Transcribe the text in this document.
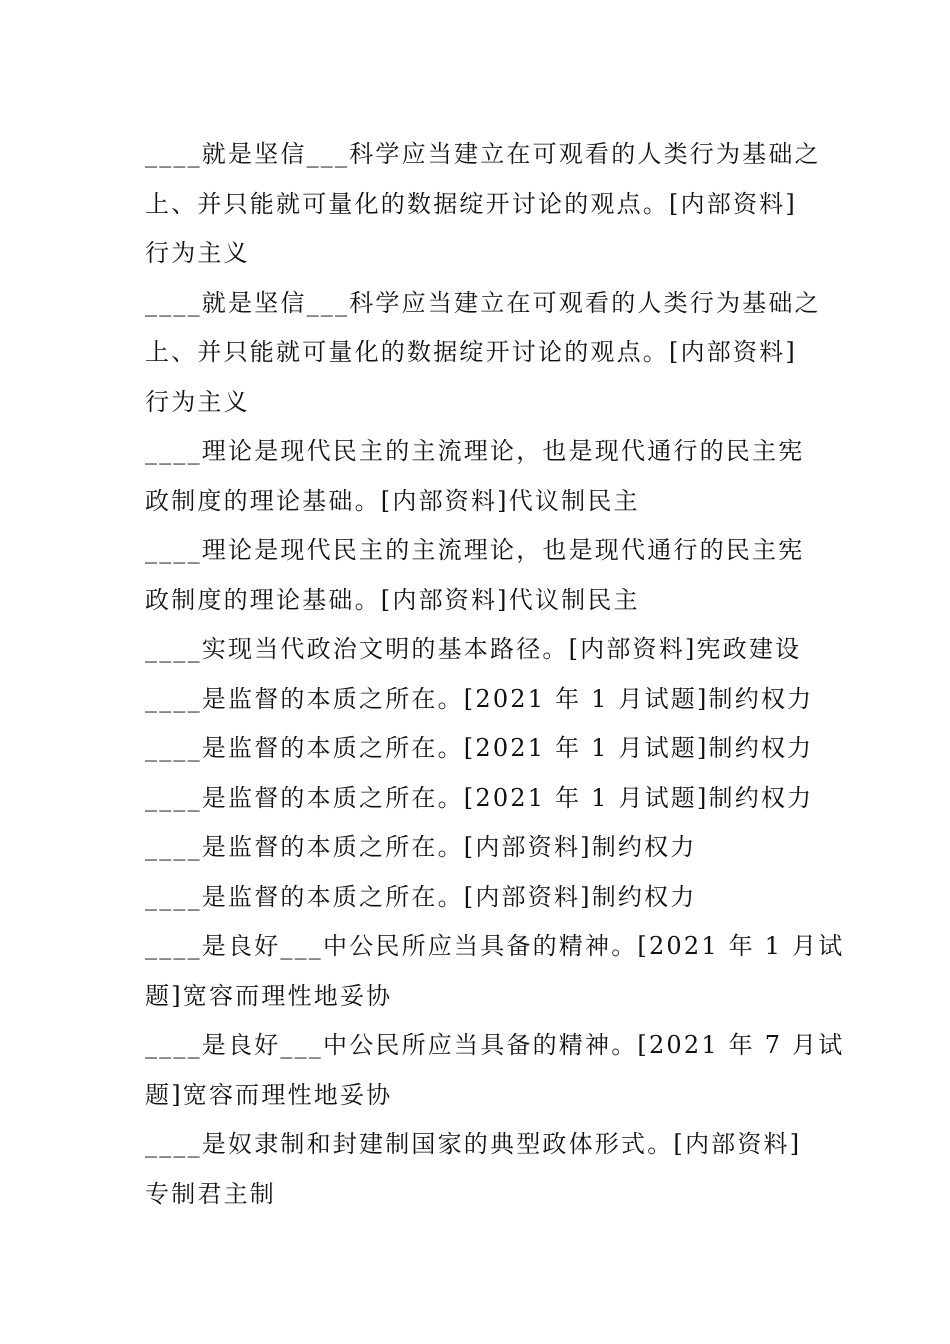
____就是坚信___科学应当建立在可观看的人类行为基础之
上、并只能就可量化的数据绽开讨论的观点。[内部资料]
行为主义

____就是坚信___科学应当建立在可观看的人类行为基础之
上、并只能就可量化的数据绽开讨论的观点。[内部资料]
行为主义

____理论是现代民主的主流理论，也是现代通行的民主宪
政制度的理论基础。[内部资料]代议制民主

____理论是现代民主的主流理论，也是现代通行的民主宪
政制度的理论基础。[内部资料]代议制民主

____实现当代政治文明的基本路径。[内部资料]宪政建设

____是监督的本质之所在。[2021 年 1 月试题]制约权力

____是监督的本质之所在。[2021 年 1 月试题]制约权力

____是监督的本质之所在。[2021 年 1 月试题]制约权力

____是监督的本质之所在。[内部资料]制约权力

____是监督的本质之所在。[内部资料]制约权力

____是良好___中公民所应当具备的精神。[2021 年 1 月试
题]宽容而理性地妥协

____是良好___中公民所应当具备的精神。[2021 年 7 月试
题]宽容而理性地妥协

____是奴隶制和封建制国家的典型政体形式。[内部资料]
专制君主制
